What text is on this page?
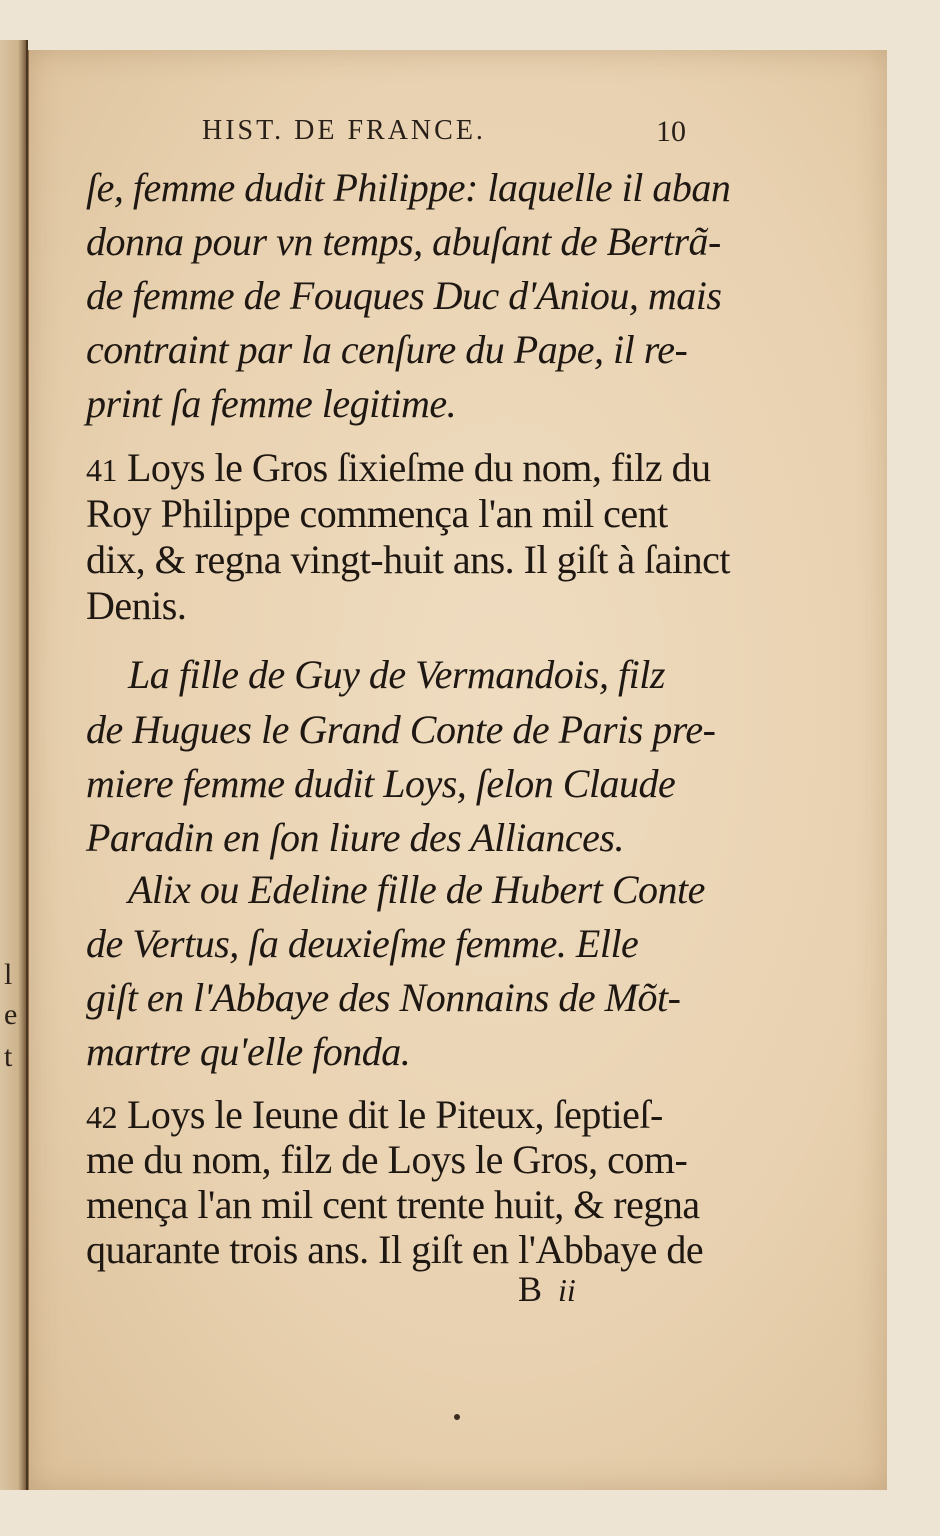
l
e
t
HIST. DE FRANCE.	10
ſe, femme dudit Philippe: laquelle il aban
donna pour vn temps, abuſant de Bertrã-
de femme de Fouques Duc d'Aniou, mais
contraint par la cenſure du Pape, il re-
print ſa femme legitime.
41 Loys le Gros ſixieſme du nom, filz du
Roy Philippe commença l'an mil cent
dix, & regna vingt-huit ans. Il giſt à ſainct
Denis.
La fille de Guy de Vermandois, filz
de Hugues le Grand Conte de Paris pre-
miere femme dudit Loys, ſelon Claude
Paradin en ſon liure des Alliances.
Alix ou Edeline fille de Hubert Conte
de Vertus, ſa deuxieſme femme. Elle
giſt en l'Abbaye des Nonnains de Mõt-
martre qu'elle fonda.
42 Loys le Ieune dit le Piteux, ſeptieſ-
me du nom, filz de Loys le Gros, com-
mença l'an mil cent trente huit, & regna
quarante trois ans. Il giſt en l'Abbaye de
B ii
